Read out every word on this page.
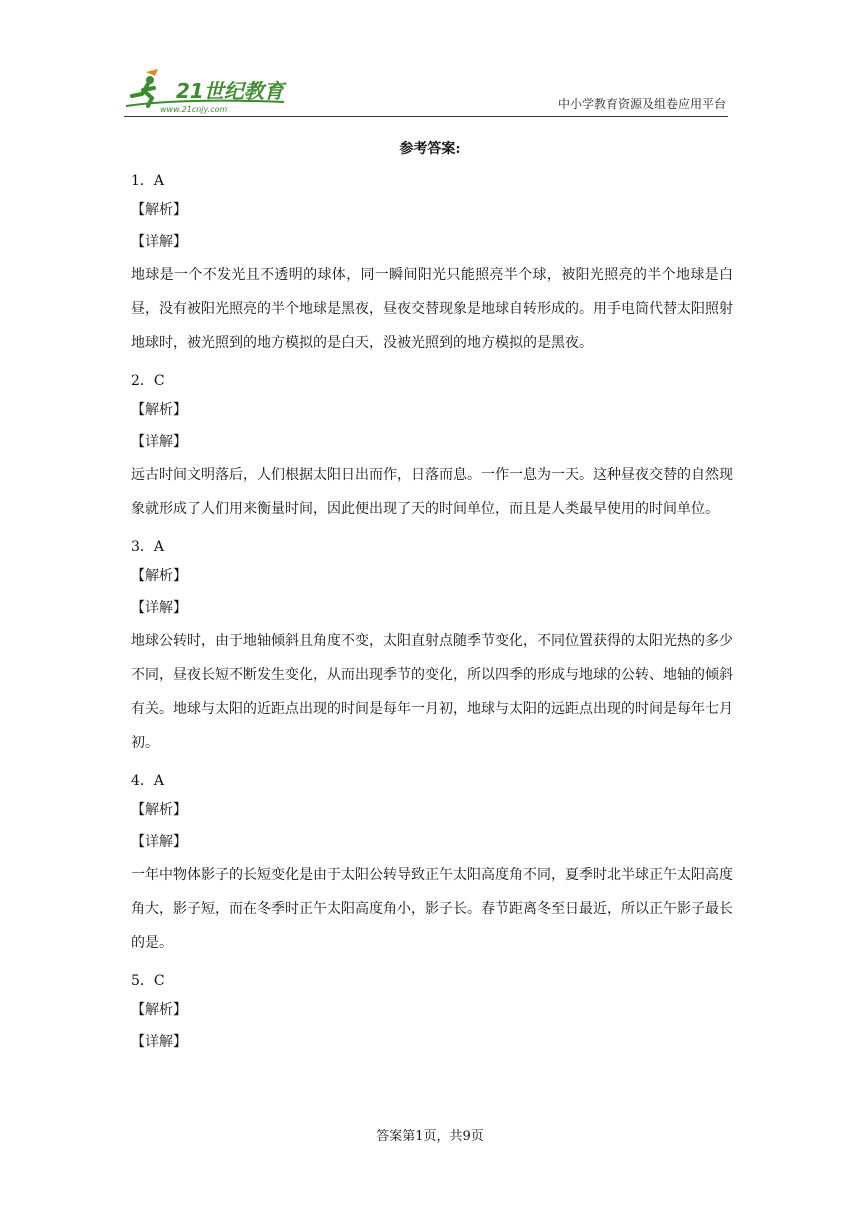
21世纪教育
www.21cnjy.com	中小学教育资源及组卷应用平台
参考答案:
1．A
【解析】
【详解】
地球是一个不发光且不透明的球体，同一瞬间阳光只能照亮半个球，被阳光照亮的半个地球是白昼，没有被阳光照亮的半个地球是黑夜，昼夜交替现象是地球自转形成的。用手电筒代替太阳照射地球时，被光照到的地方模拟的是白天，没被光照到的地方模拟的是黑夜。
2．C
【解析】
【详解】
远古时间文明落后，人们根据太阳日出而作，日落而息。一作一息为一天。这种昼夜交替的自然现象就形成了人们用来衡量时间，因此便出现了天的时间单位，而且是人类最早使用的时间单位。
3．A
【解析】
【详解】
地球公转时，由于地轴倾斜且角度不变，太阳直射点随季节变化，不同位置获得的太阳光热的多少不同，昼夜长短不断发生变化，从而出现季节的变化，所以四季的形成与地球的公转、地轴的倾斜有关。地球与太阳的近距点出现的时间是每年一月初，地球与太阳的远距点出现的时间是每年七月初。
4．A
【解析】
【详解】
一年中物体影子的长短变化是由于太阳公转导致正午太阳高度角不同，夏季时北半球正午太阳高度角大，影子短，而在冬季时正午太阳高度角小，影子长。春节距离冬至日最近，所以正午影子最长的是。
5．C
【解析】
【详解】
答案第1页，共9页
